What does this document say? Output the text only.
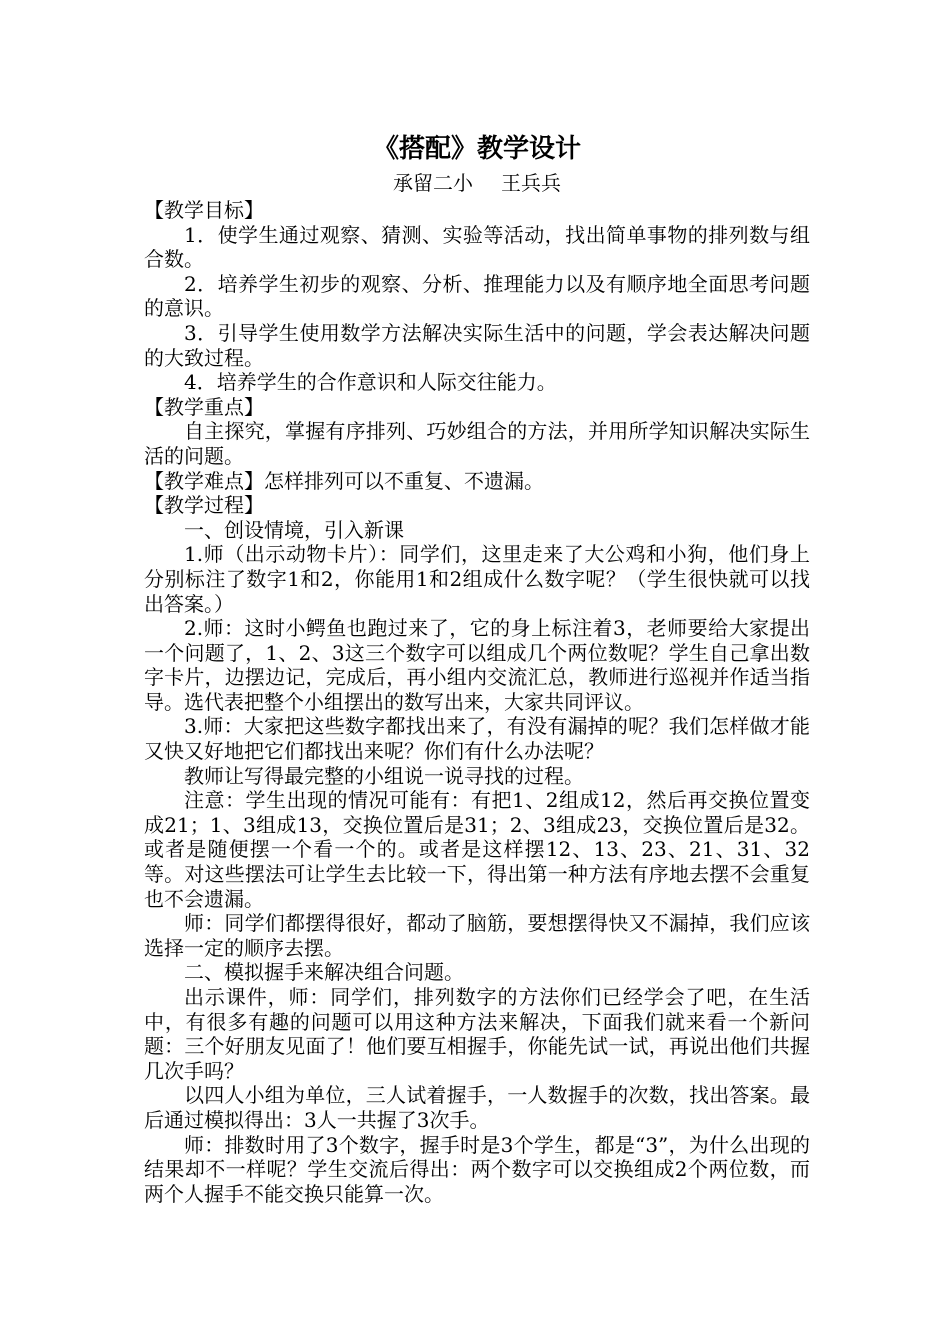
《搭配》教学设计
承留二小 王兵兵

【教学目标】

1．使学生通过观察、猜测、实验等活动，找出简单事物的排列数与组合数。

2．培养学生初步的观察、分析、推理能力以及有顺序地全面思考问题的意识。

3．引导学生使用数学方法解决实际生活中的问题，学会表达解决问题的大致过程。

4．培养学生的合作意识和人际交往能力。

【教学重点】

自主探究，掌握有序排列、巧妙组合的方法，并用所学知识解决实际生活的问题。

【教学难点】怎样排列可以不重复、不遗漏。

【教学过程】

一、创设情境，引入新课

1.师（出示动物卡片）：同学们，这里走来了大公鸡和小狗，他们身上分别标注了数字1和2，你能用1和2组成什么数字呢？（学生很快就可以找出答案。）

2.师：这时小鳄鱼也跑过来了，它的身上标注着3，老师要给大家提出一个问题了，1、2、3这三个数字可以组成几个两位数呢？学生自己拿出数字卡片，边摆边记，完成后，再小组内交流汇总，教师进行巡视并作适当指导。选代表把整个小组摆出的数写出来，大家共同评议。

3.师：大家把这些数字都找出来了，有没有漏掉的呢？我们怎样做才能又快又好地把它们都找出来呢？你们有什么办法呢？

教师让写得最完整的小组说一说寻找的过程。

注意：学生出现的情况可能有：有把1、2组成12，然后再交换位置变成21；1、3组成13，交换位置后是31；2、3组成23，交换位置后是32。或者是随便摆一个看一个的。或者是这样摆12、13、23、21、31、32等。对这些摆法可让学生去比较一下，得出第一种方法有序地去摆不会重复也不会遗漏。

师：同学们都摆得很好，都动了脑筋，要想摆得快又不漏掉，我们应该选择一定的顺序去摆。

二、模拟握手来解决组合问题。

出示课件，师：同学们，排列数字的方法你们已经学会了吧，在生活中，有很多有趣的问题可以用这种方法来解决，下面我们就来看一个新问题：三个好朋友见面了！他们要互相握手，你能先试一试，再说出他们共握几次手吗？

以四人小组为单位，三人试着握手，一人数握手的次数，找出答案。最后通过模拟得出：3人一共握了3次手。

师：排数时用了3个数字，握手时是3个学生，都是“3”，为什么出现的结果却不一样呢？学生交流后得出：两个数字可以交换组成2个两位数，而两个人握手不能交换只能算一次。
